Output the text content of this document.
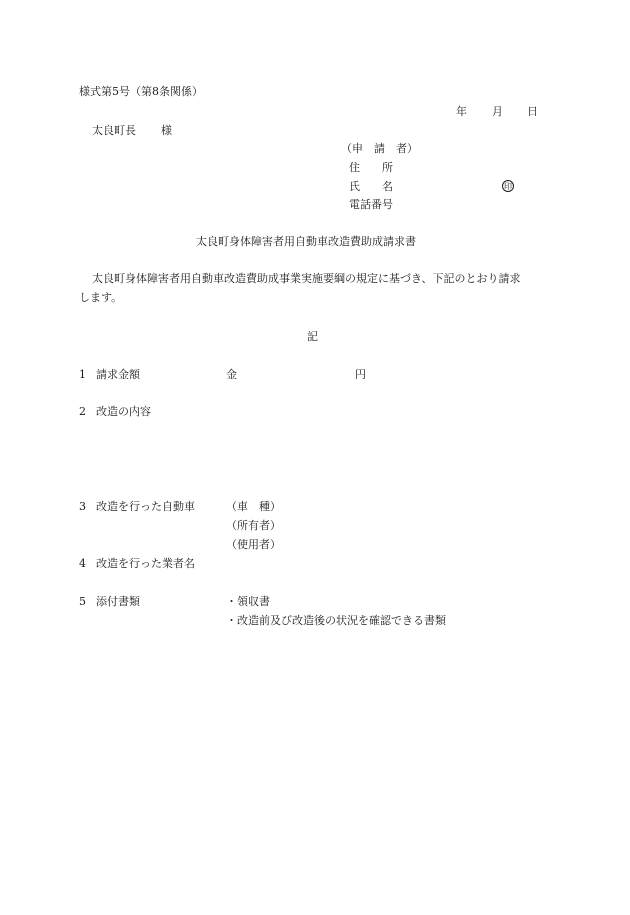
様式第5号（第8条関係）
年 月 日
太良町長 様
（申　請　者）
住　　所
氏　　名	印
電話番号
太良町身体障害者用自動車改造費助成請求書
太良町身体障害者用自動車改造費助成事業実施要綱の規定に基づき、下記のとおり請求
します。
記
1 請求金額	金	円
2 改造の内容
3 改造を行った自動車	（車　種）
（所有者）
（使用者）
4 改造を行った業者名
5 添付書類	・領収書
・改造前及び改造後の状況を確認できる書類
